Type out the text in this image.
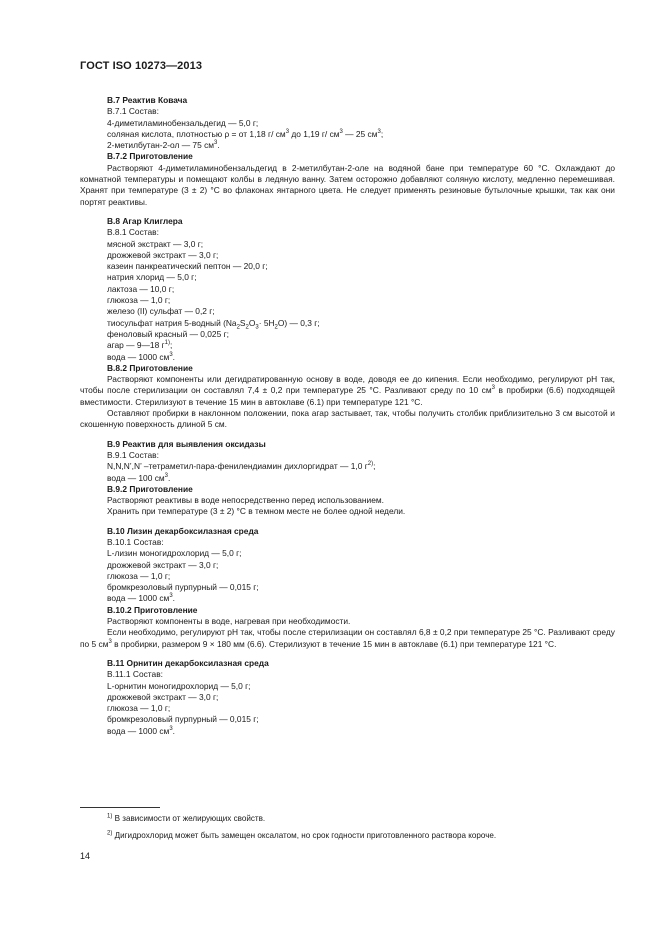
ГОСТ ISO 10273—2013

B.7 Реактив Ковача

B.7.1 Состав:

4-диметиламинобензальдегид — 5,0 г;

соляная кислота, плотностью ρ = от 1,18 г/ $см^3$ до 1,19 г/ $см^3$ — 25 $см^3$;

2-метилбутан-2-ол — 75 $см^3$.

B.7.2 Приготовление

Растворяют 4-диметиламинобензальдегид в 2-метилбутан-2-оле на водяной бане при температуре 60 °С. Охлаждают до комнатной температуры и помещают колбы в ледяную ванну. Затем осторожно добавляют соляную кислоту, медленно перемешивая. Хранят при температуре (3 ± 2) °С во флаконах янтарного цвета. Не следует применять резиновые бутылочные крышки, так как они портят реактивы.

B.8 Агар Клиглера

B.8.1 Состав:

мясной экстракт — 3,0 г;

дрожжевой экстракт — 3,0 г;

казеин панкреатический пептон — 20,0 г;

натрия хлорид — 5,0 г;

лактоза — 10,0 г;

глюкоза — 1,0 г;

железо (II) сульфат — 0,2 г;

тиосульфат натрия 5-водный $(Na_2S_2O_3\cdot 5H_2O)$ — 0,3 г;

феноловый красный — 0,025 г;

агар — 9—18 $г^{1)}$;

вода — 1000 $см^3$.

B.8.2 Приготовление

Растворяют компоненты или дегидратированную основу в воде, доводя ее до кипения. Если необходимо, регулируют pH так, чтобы после стерилизации он составлял 7,4 ± 0,2 при температуре 25 °С. Разливают среду по 10 $см^3$ в пробирки (6.6) подходящей вместимости. Стерилизуют в течение 15 мин в автоклаве (6.1) при температуре 121 °С.

Оставляют пробирки в наклонном положении, пока агар застывает, так, чтобы получить столбик приблизительно 3 см высотой и скошенную поверхность длиной 5 см.

B.9 Реактив для выявления оксидазы

B.9.1 Состав:

N,N,N’,N’ –тетраметил-пара-фенилендиамин дихлоргидрат — 1,0 $г^{2)}$;

вода — 100 $см^3$.

B.9.2 Приготовление

Растворяют реактивы в воде непосредственно перед использованием.

Хранить при температуре (3 ± 2) °С в темном месте не более одной недели.

B.10 Лизин декарбоксилазная среда

B.10.1 Состав:

L-лизин моногидрохлорид — 5,0 г;

дрожжевой экстракт — 3,0 г;

глюкоза — 1,0 г;

бромкрезоловый пурпурный — 0,015 г;

вода — 1000 $см^3$.

B.10.2 Приготовление

Растворяют компоненты в воде, нагревая при необходимости.

Если необходимо, регулируют pH так, чтобы после стерилизации он составлял 6,8 ± 0,2 при температуре 25 °С. Разливают среду по 5 $см^3$ в пробирки, размером 9 × 180 мм (6.6). Стерилизуют в течение 15 мин в автоклаве (6.1) при температуре 121 °С.

B.11 Орнитин декарбоксилазная среда

B.11.1 Состав:

L-орнитин моногидрохлорид — 5,0 г;

дрожжевой экстракт — 3,0 г;

глюкоза — 1,0 г;

бромкрезоловый пурпурный — 0,015 г;

вода — 1000 $см^3$.

$^{1)}$ В зависимости от желирующих свойств.
$^{2)}$ Дигидрохлорид может быть замещен оксалатом, но срок годности приготовленного раствора короче.
14
